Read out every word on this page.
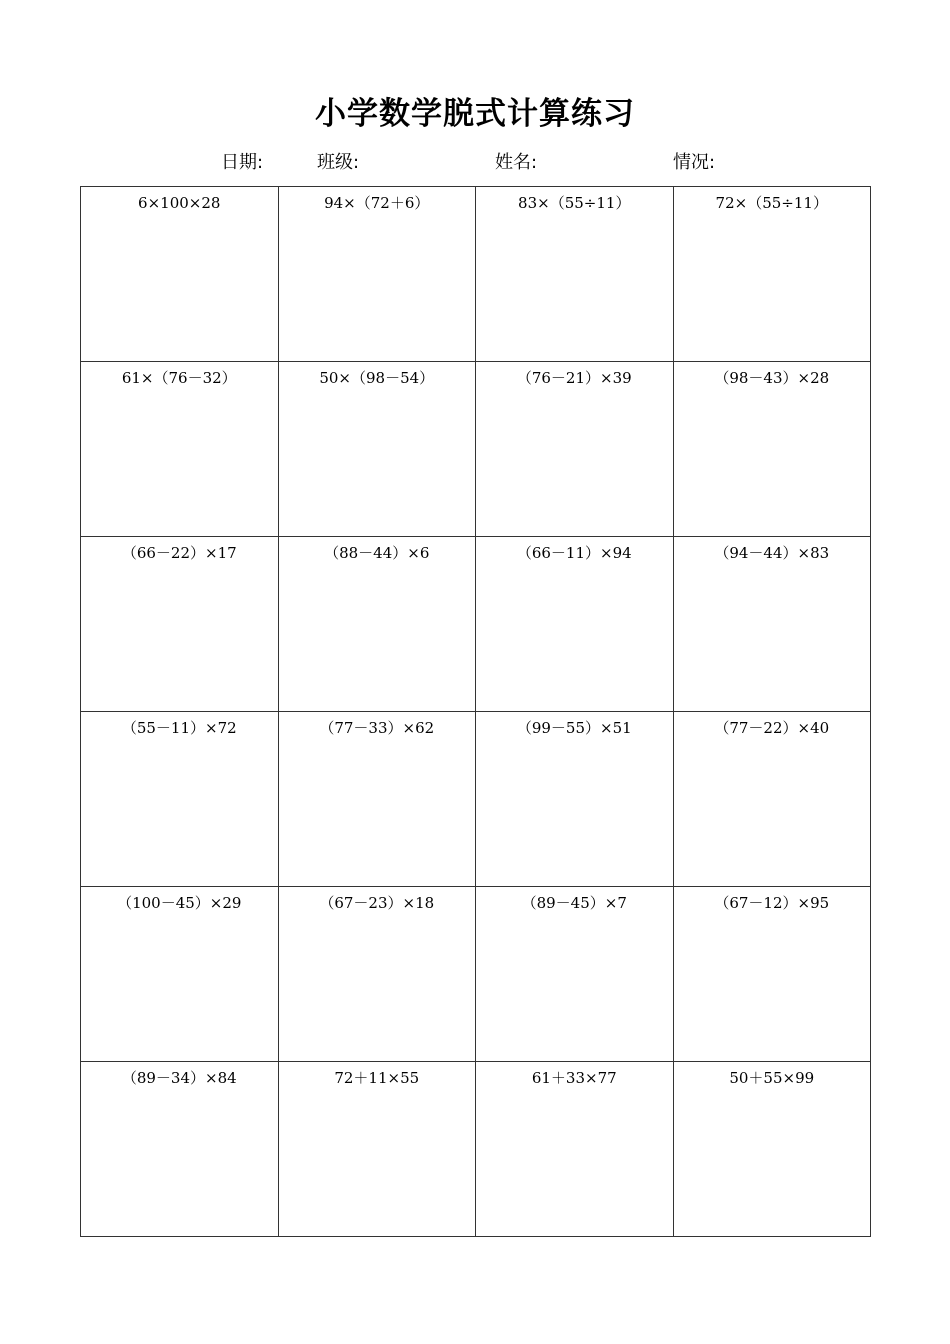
小学数学脱式计算练习
日期:	班级:	姓名:	情况:
6×100×28	94×（72＋6）	83×（55÷11）	72×（55÷11）
61×（76－32）	50×（98－54）	（76－21）×39	（98－43）×28
（66－22）×17	（88－44）×6	（66－11）×94	（94－44）×83
（55－11）×72	（77－33）×62	（99－55）×51	（77－22）×40
（100－45）×29	（67－23）×18	（89－45）×7	（67－12）×95
（89－34）×84	72＋11×55	61＋33×77	50＋55×99
